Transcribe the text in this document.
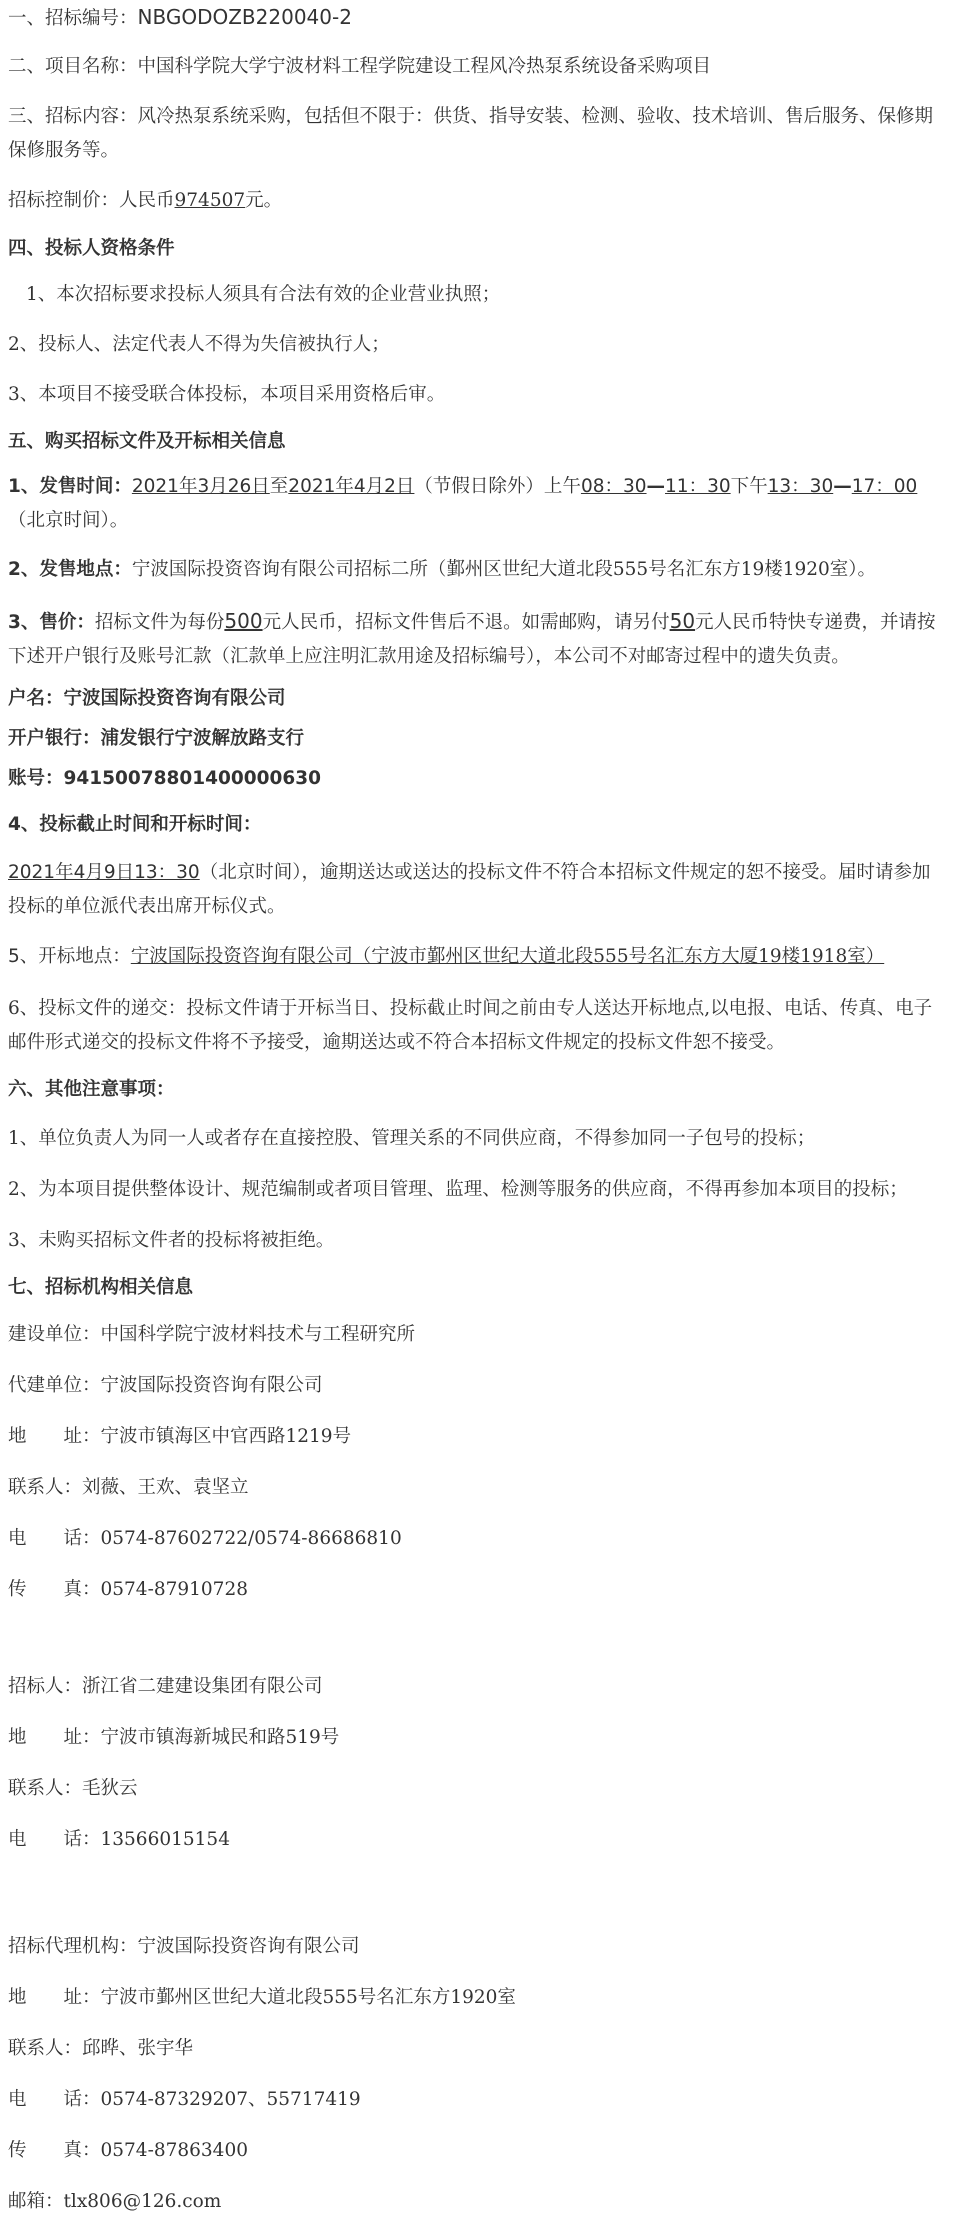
一、招标编号：NBGODOZB220040-2

二、项目名称：中国科学院大学宁波材料工程学院建设工程风冷热泵系统设备采购项目

三、招标内容：风冷热泵系统采购，包括但不限于：供货、指导安装、检测、验收、技术培训、售后服务、保修期保修服务等。

招标控制价：人民币974507元。

四、投标人资格条件

1、本次招标要求投标人须具有合法有效的企业营业执照；

2、投标人、法定代表人不得为失信被执行人；

3、本项目不接受联合体投标，本项目采用资格后审。

五、购买招标文件及开标相关信息

1、发售时间：2021年3月26日至2021年4月2日（节假日除外）上午08：30—11：30下午13：30—17：00（北京时间）。

2、发售地点：宁波国际投资咨询有限公司招标二所（鄞州区世纪大道北段555号名汇东方19楼1920室）。

3、售价：招标文件为每份500元人民币，招标文件售后不退。如需邮购，请另付50元人民币特快专递费，并请按下述开户银行及账号汇款（汇款单上应注明汇款用途及招标编号），本公司不对邮寄过程中的遗失负责。

户名：宁波国际投资咨询有限公司

开户银行：浦发银行宁波解放路支行

账号：94150078801400000630

4、投标截止时间和开标时间：

2021年4月9日13：30（北京时间），逾期送达或送达的投标文件不符合本招标文件规定的恕不接受。届时请参加投标的单位派代表出席开标仪式。

5、开标地点：宁波国际投资咨询有限公司（宁波市鄞州区世纪大道北段555号名汇东方大厦19楼1918室）

6、投标文件的递交：投标文件请于开标当日、投标截止时间之前由专人送达开标地点,以电报、电话、传真、电子邮件形式递交的投标文件将不予接受，逾期送达或不符合本招标文件规定的投标文件恕不接受。

六、其他注意事项：

1、单位负责人为同一人或者存在直接控股、管理关系的不同供应商，不得参加同一子包号的投标；

2、为本项目提供整体设计、规范编制或者项目管理、监理、检测等服务的供应商，不得再参加本项目的投标；

3、未购买招标文件者的投标将被拒绝。

七、招标机构相关信息

建设单位：中国科学院宁波材料技术与工程研究所

代建单位：宁波国际投资咨询有限公司

地　　址：宁波市镇海区中官西路1219号

联系人：刘薇、王欢、袁坚立

电　　话：0574-87602722/0574-86686810

传　　真：0574-87910728

招标人：浙江省二建建设集团有限公司

地　　址：宁波市镇海新城民和路519号

联系人：毛狄云

电　　话：13566015154

招标代理机构：宁波国际投资咨询有限公司

地　　址：宁波市鄞州区世纪大道北段555号名汇东方1920室

联系人：邱晔、张宇华

电　　话：0574-87329207、55717419

传　　真：0574-87863400

邮箱：tlx806@126.com
